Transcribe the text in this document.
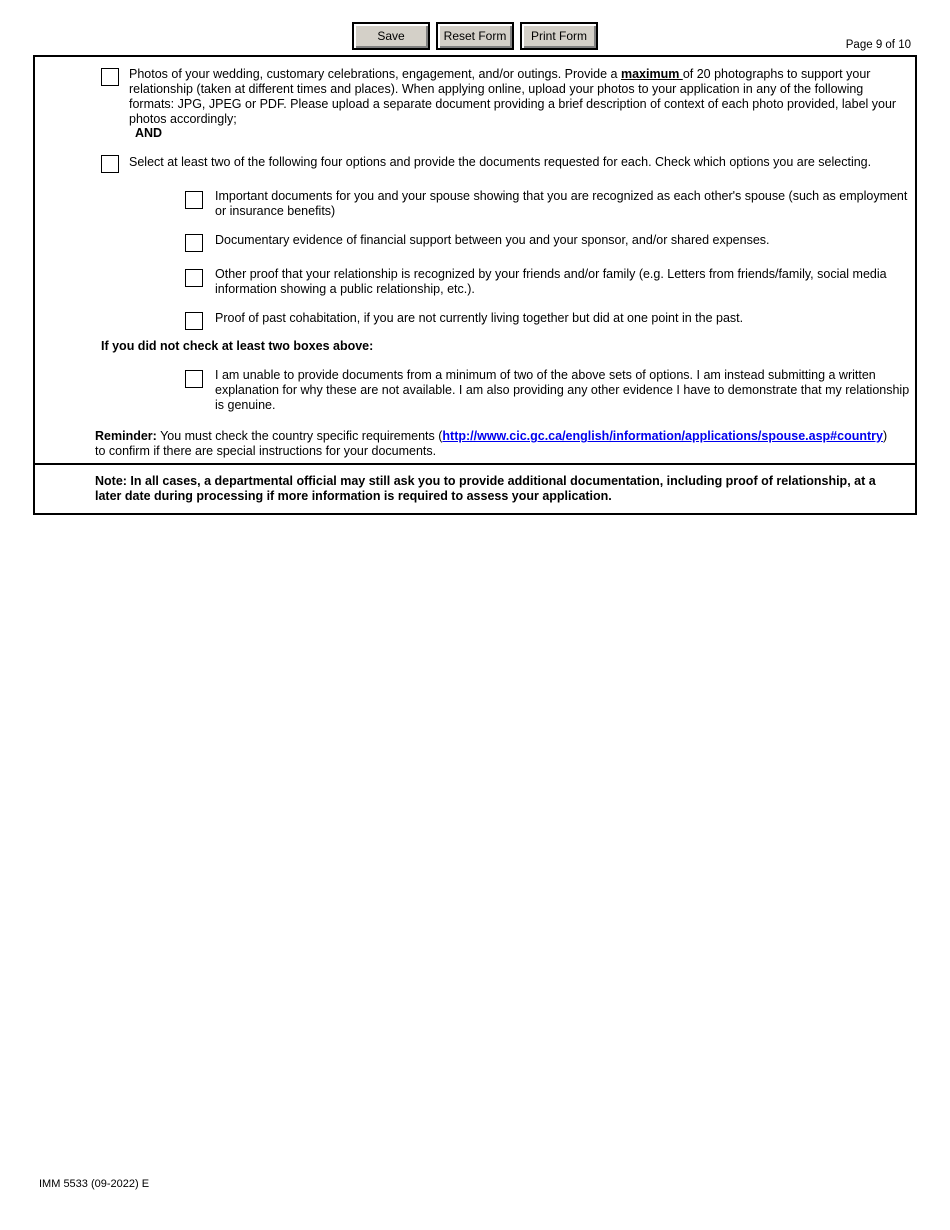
Save	Reset Form	Print Form
Page 9 of 10
Photos of your wedding, customary celebrations, engagement, and/or outings. Provide a maximum of 20 photographs to support your relationship (taken at different times and places). When applying online, upload your photos to your application in any of the following formats: JPG, JPEG or PDF. Please upload a separate document providing a brief description of context of each photo provided, label your photos accordingly;
AND
Select at least two of the following four options and provide the documents requested for each. Check which options you are selecting.
Important documents for you and your spouse showing that you are recognized as each other's spouse (such as employment or insurance benefits)
Documentary evidence of financial support between you and your sponsor, and/or shared expenses.
Other proof that your relationship is recognized by your friends and/or family (e.g. Letters from friends/family, social media information showing a public relationship, etc.).
Proof of past cohabitation, if you are not currently living together but did at one point in the past.
If you did not check at least two boxes above:
I am unable to provide documents from a minimum of two of the above sets of options. I am instead submitting a written explanation for why these are not available. I am also providing any other evidence I have to demonstrate that my relationship is genuine.
Reminder: You must check the country specific requirements (http://www.cic.gc.ca/english/information/applications/spouse.asp#country) to confirm if there are special instructions for your documents.
Note: In all cases, a departmental official may still ask you to provide additional documentation, including proof of relationship, at a later date during processing if more information is required to assess your application.
IMM 5533 (09-2022) E
